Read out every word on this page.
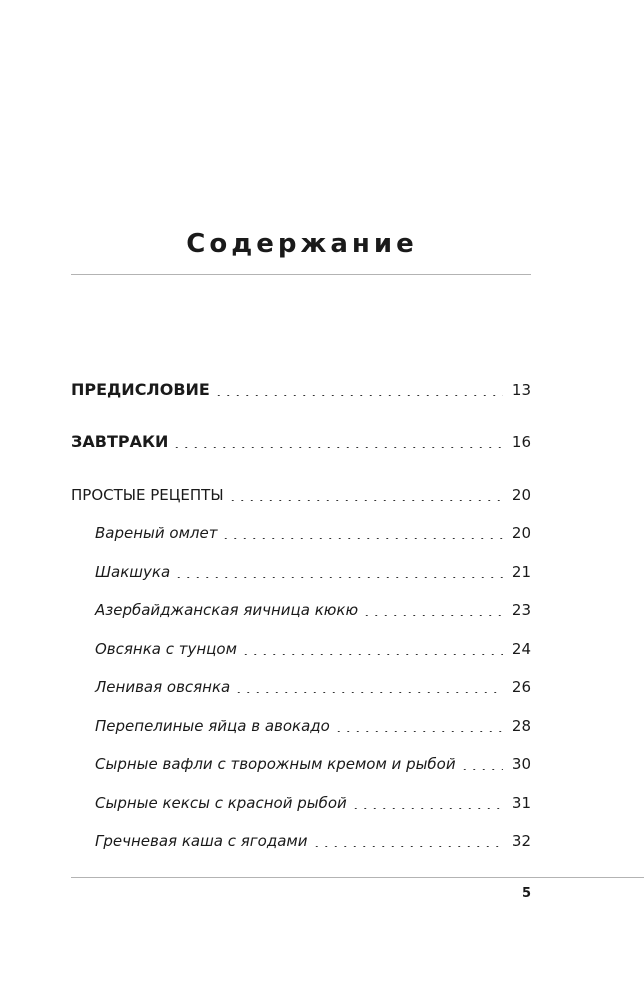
Содержание
ПРЕДИСЛОВИЕ	13
ЗАВТРАКИ	16
ПРОСТЫЕ РЕЦЕПТЫ	20
Вареный омлет	20
Шакшука	21
Азербайджанская яичница кюкю	23
Овсянка с тунцом	24
Ленивая овсянка	26
Перепелиные яйца в авокадо	28
Сырные вафли с творожным кремом и рыбой	30
Сырные кексы с красной рыбой	31
Гречневая каша с ягодами	32
5
